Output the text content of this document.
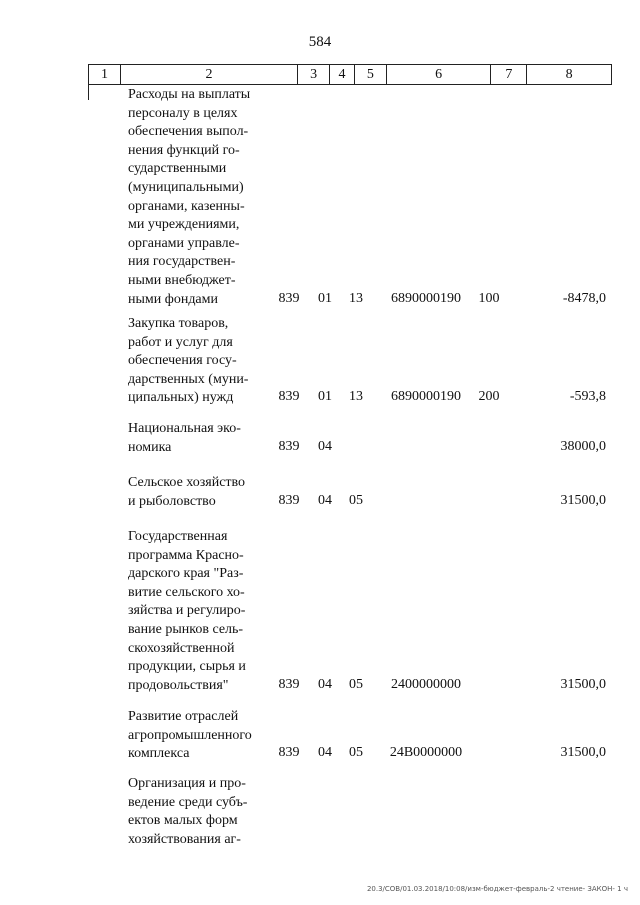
584
1	2	3	4	5	6	7	8
Расходы на выплаты
персоналу в целях
обеспечения выпол-
нения функций го-
сударственными
(муниципальными)
органами, казенны-
ми учреждениями,
органами управле-
ния государствен-
ными внебюджет-
ными фондами	839 01 13	6890000190	100	-8478,0
Закупка товаров,
работ и услуг для
обеспечения госу-
дарственных (муни-
ципальных) нужд	839 01 13	6890000190	200	-593,8
Национальная эко-
номика	839 04	38000,0
Сельское хозяйство
и рыболовство	839 04 05	31500,0
Государственная
программа Красно-
дарского края "Раз-
витие сельского хо-
зяйства и регулиро-
вание рынков сель-
скохозяйственной
продукции, сырья и
продовольствия"	839 04 05	2400000000	31500,0
Развитие отраслей
агропромышленного
комплекса	839 04 05	24В0000000	31500,0
Организация и про-
ведение среди субъ-
ектов малых форм
хозяйствования аг-
20.3/СОВ/01.03.2018/10:08/изм-бюджет-февраль-2 чтение- ЗАКОН- 1 ч
